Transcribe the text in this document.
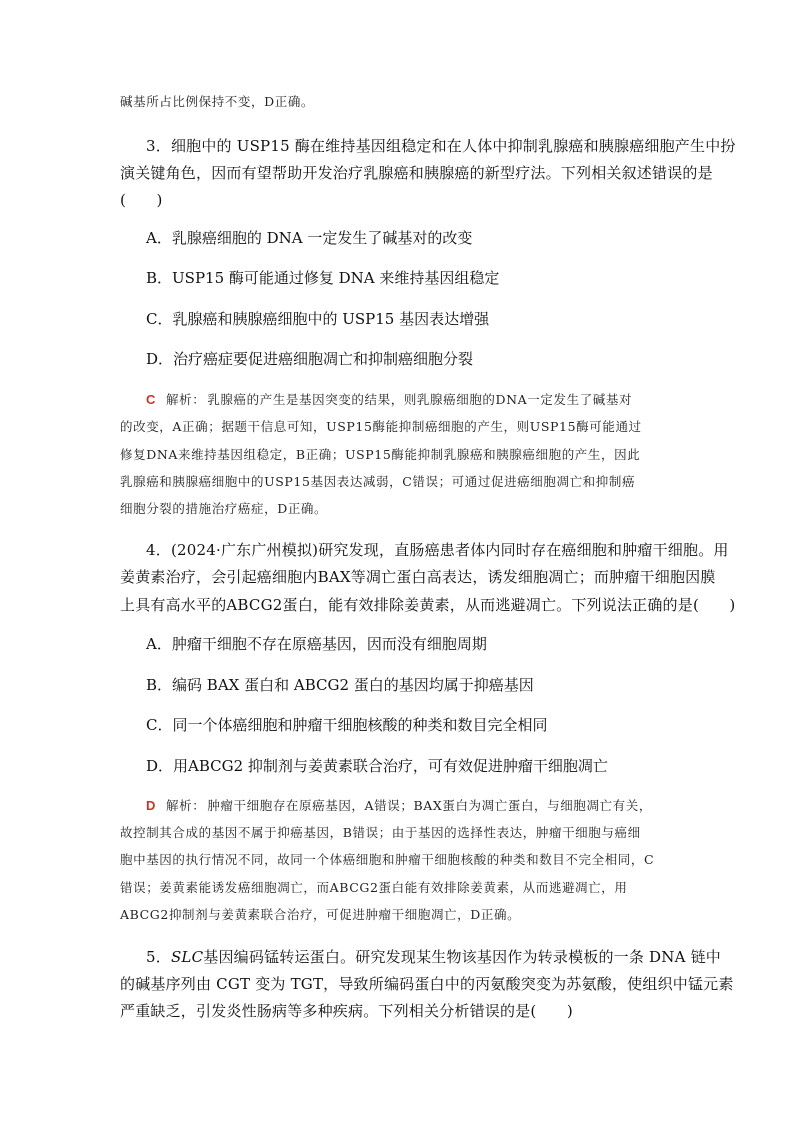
碱基所占比例保持不变，D正确。
3．细胞中的 USP15 酶在维持基因组稳定和在人体中抑制乳腺癌和胰腺癌细胞产生中扮
演关键角色，因而有望帮助开发治疗乳腺癌和胰腺癌的新型疗法。下列相关叙述错误的是
(　　)
A．乳腺癌细胞的 DNA 一定发生了碱基对的改变
B．USP15 酶可能通过修复 DNA 来维持基因组稳定
C．乳腺癌和胰腺癌细胞中的 USP15 基因表达增强
D．治疗癌症要促进癌细胞凋亡和抑制癌细胞分裂
C 解析： 乳腺癌的产生是基因突变的结果，则乳腺癌细胞的DNA一定发生了碱基对
的改变，A正确；据题干信息可知，USP15酶能抑制癌细胞的产生，则USP15酶可能通过
修复DNA来维持基因组稳定，B正确；USP15酶能抑制乳腺癌和胰腺癌细胞的产生，因此
乳腺癌和胰腺癌细胞中的USP15基因表达减弱，C错误；可通过促进癌细胞凋亡和抑制癌
细胞分裂的措施治疗癌症，D正确。
4．(2024·广东广州模拟)研究发现，直肠癌患者体内同时存在癌细胞和肿瘤干细胞。用
姜黄素治疗，会引起癌细胞内BAX等凋亡蛋白高表达，诱发细胞凋亡；而肿瘤干细胞因膜
上具有高水平的ABCG2蛋白，能有效排除姜黄素，从而逃避凋亡。下列说法正确的是(　　)
A．肿瘤干细胞不存在原癌基因，因而没有细胞周期
B．编码 BAX 蛋白和 ABCG2 蛋白的基因均属于抑癌基因
C．同一个体癌细胞和肿瘤干细胞核酸的种类和数目完全相同
D．用ABCG2 抑制剂与姜黄素联合治疗，可有效促进肿瘤干细胞凋亡
D 解析： 肿瘤干细胞存在原癌基因，A错误；BAX蛋白为凋亡蛋白，与细胞凋亡有关，
故控制其合成的基因不属于抑癌基因，B错误；由于基因的选择性表达，肿瘤干细胞与癌细
胞中基因的执行情况不同，故同一个体癌细胞和肿瘤干细胞核酸的种类和数目不完全相同，C
错误；姜黄素能诱发癌细胞凋亡，而ABCG2蛋白能有效排除姜黄素，从而逃避凋亡，用
ABCG2抑制剂与姜黄素联合治疗，可促进肿瘤干细胞凋亡，D正确。
5．SLC基因编码锰转运蛋白。研究发现某生物该基因作为转录模板的一条 DNA 链中
的碱基序列由 CGT 变为 TGT，导致所编码蛋白中的丙氨酸突变为苏氨酸，使组织中锰元素
严重缺乏，引发炎性肠病等多种疾病。下列相关分析错误的是(　　)
